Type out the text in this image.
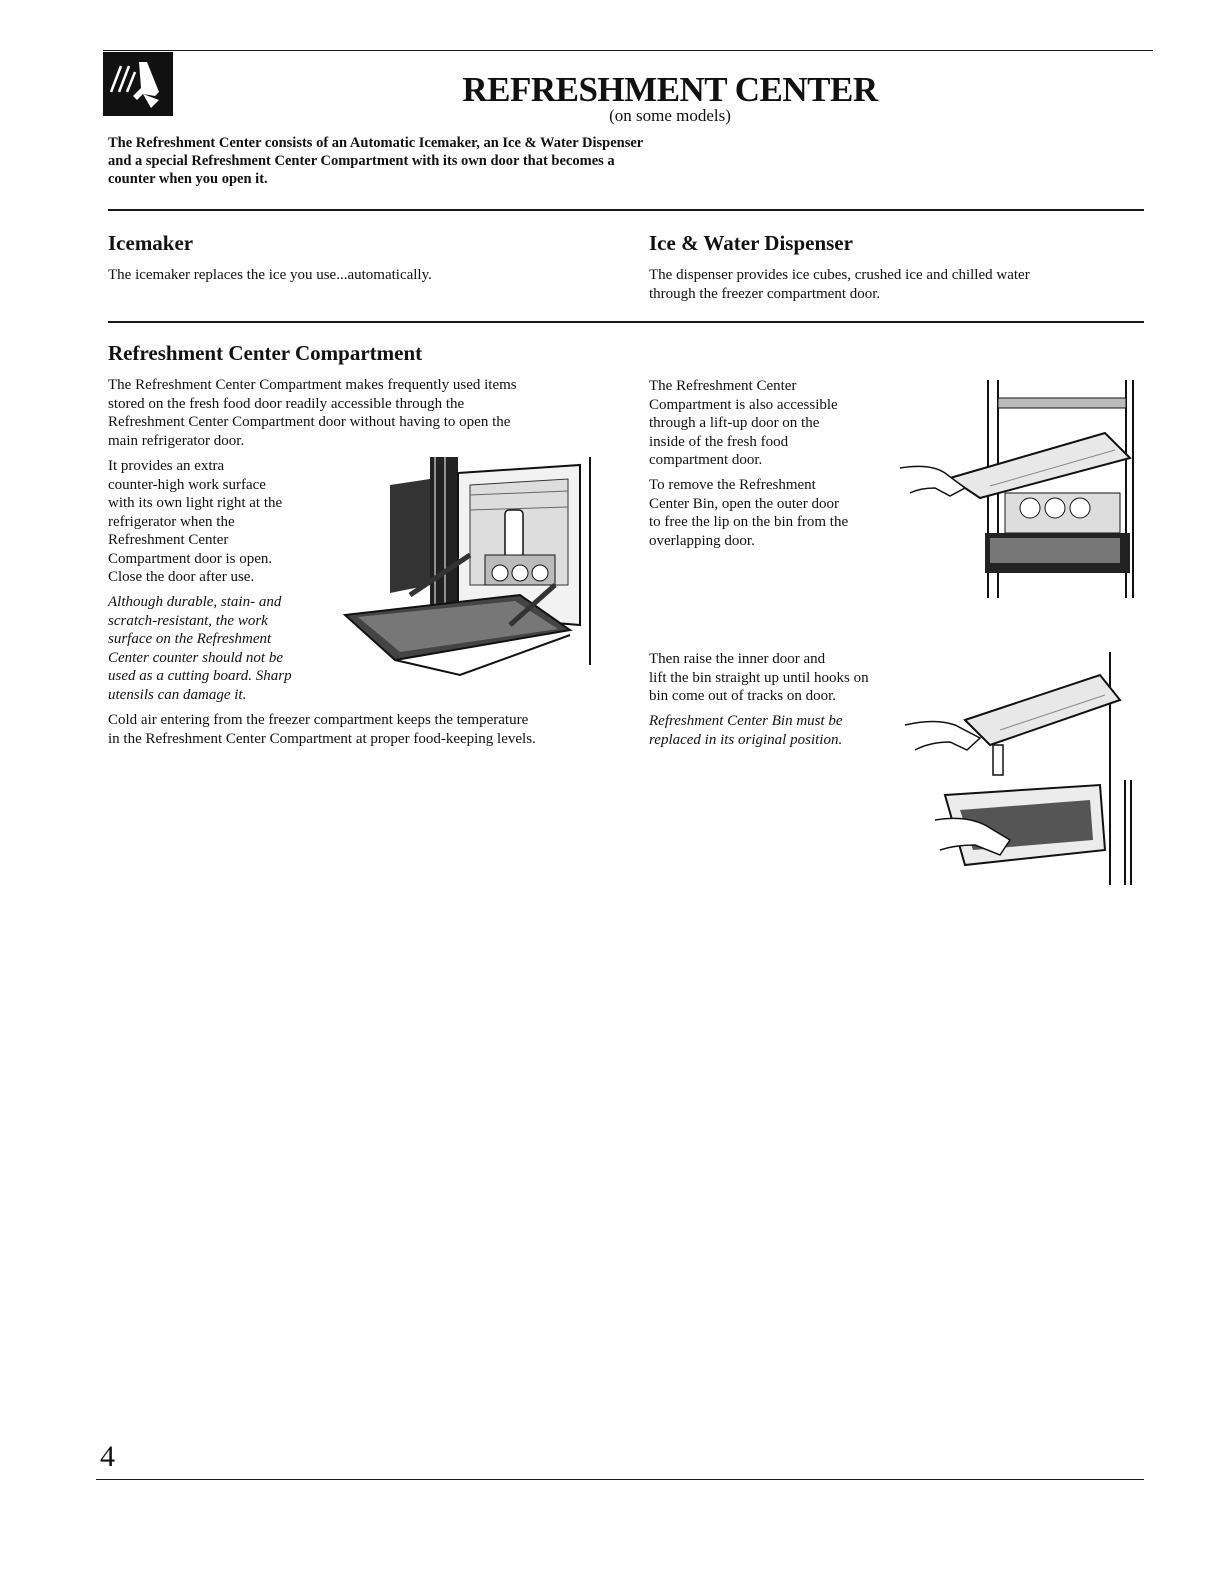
REFRESHMENT CENTER
(on some models)

The Refreshment Center consists of an Automatic Icemaker, an Ice & Water Dispenser
and a special Refreshment Center Compartment with its own door that becomes a
counter when you open it.

Icemaker

The icemaker replaces the ice you use...automatically.

Ice & Water Dispenser

The dispenser provides ice cubes, crushed ice and chilled water
through the freezer compartment door.

Refreshment Center Compartment

The Refreshment Center Compartment makes frequently used items
stored on the fresh food door readily accessible through the
Refreshment Center Compartment door without having to open the
main refrigerator door.

It provides an extra
counter-high work surface
with its own light right at the
refrigerator when the
Refreshment Center
Compartment door is open.
Close the door after use.

Although durable, stain- and
scratch-resistant, the work
surface on the Refreshment
Center counter should not be
used as a cutting board. Sharp
utensils can damage it.

Cold air entering from the freezer compartment keeps the temperature
in the Refreshment Center Compartment at proper food-keeping levels.

The Refreshment Center
Compartment is also accessible
through a lift-up door on the
inside of the fresh food
compartment door.

To remove the Refreshment
Center Bin, open the outer door
to free the lip on the bin from the
overlapping door.

Then raise the inner door and
lift the bin straight up until hooks on
bin come out of tracks on door.

Refreshment Center Bin must be
replaced in its original position.

4
